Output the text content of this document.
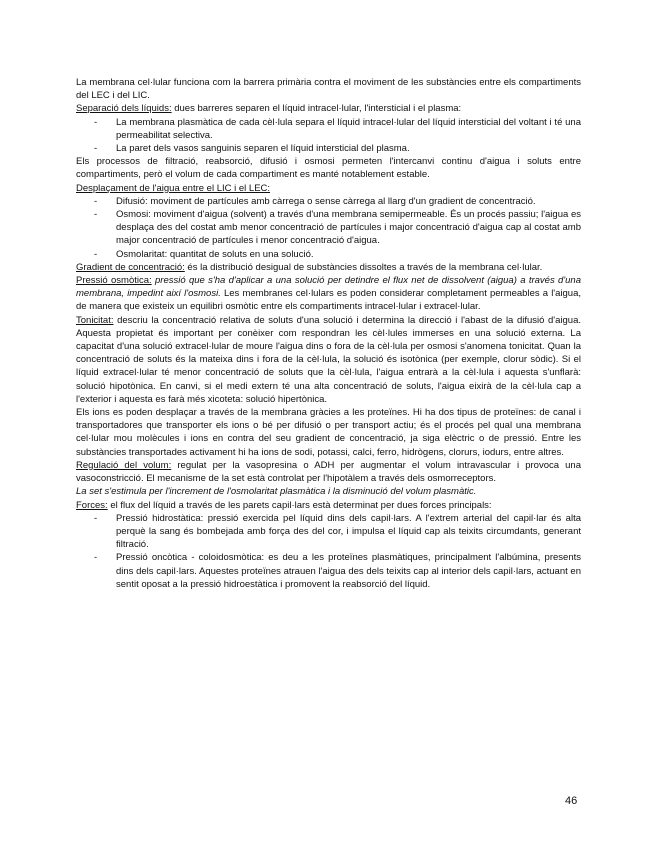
La membrana cel·lular funciona com la barrera primària contra el moviment de les substàncies entre els compartiments del LEC i del LIC.

Separació dels líquids: dues barreres separen el líquid intracel·lular, l'intersticial i el plasma:

- La membrana plasmàtica de cada cèl·lula separa el líquid intracel·lular del líquid intersticial del voltant i té una permeabilitat selectiva.
- La paret dels vasos sanguinis separen el líquid intersticial del plasma.

Els processos de filtració, reabsorció, difusió i osmosi permeten l'intercanvi continu d'aigua i soluts entre compartiments, però el volum de cada compartiment es manté notablement estable.

Desplaçament de l'aigua entre el LIC i el LEC:

- Difusió: moviment de partícules amb càrrega o sense càrrega al llarg d'un gradient de concentració.
- Osmosi: moviment d'aigua (solvent) a través d'una membrana semipermeable. És un procés passiu; l'aigua es desplaça des del costat amb menor concentració de partícules i major concentració d'aigua cap al costat amb major concentració de partícules i menor concentració d'aigua.
- Osmolaritat: quantitat de soluts en una solució.

Gradient de concentració: és la distribució desigual de substàncies dissoltes a través de la membrana cel·lular.

Pressió osmòtica: pressió que s'ha d'aplicar a una solució per detindre el flux net de dissolvent (aigua) a través d'una membrana, impedint així l'osmosi. Les membranes cel·lulars es poden considerar completament permeables a l'aigua, de manera que existeix un equilibri osmòtic entre els compartiments intracel·lular i extracel·lular.

Tonicitat: descriu la concentració relativa de soluts d'una solució i determina la direcció i l'abast de la difusió d'aigua. Aquesta propietat és important per conèixer com respondran les cèl·lules immerses en una solució externa. La capacitat d'una solució extracel·lular de moure l'aigua dins o fora de la cèl·lula per osmosi s'anomena tonicitat. Quan la concentració de soluts és la mateixa dins i fora de la cèl·lula, la solució és isotònica (per exemple, clorur sòdic). Si el líquid extracel·lular té menor concentració de soluts que la cèl·lula, l'aigua entrarà a la cèl·lula i aquesta s'unflarà: solució hipotònica. En canvi, si el medi extern té una alta concentració de soluts, l'aigua eixirà de la cèl·lula cap a l'exterior i aquesta es farà més xicoteta: solució hipertònica.

Els ions es poden desplaçar a través de la membrana gràcies a les proteïnes. Hi ha dos tipus de proteïnes: de canal i transportadores que transporter els ions o bé per difusió o per transport actiu; és el procés pel qual una membrana cel·lular mou molècules i ions en contra del seu gradient de concentració, ja siga elèctric o de pressió. Entre les substàncies transportades activament hi ha ions de sodi, potassi, calci, ferro, hidrògens, clorurs, iodurs, entre altres.

Regulació del volum: regulat per la vasopresina o ADH per augmentar el volum intravascular i provoca una vasoconstricció. El mecanisme de la set està controlat per l'hipotàlem a través dels osmorreceptors.

La set s'estimula per l'increment de l'osmolaritat plasmàtica i la disminució del volum plasmàtic.

Forces: el flux del líquid a través de les parets capil·lars està determinat per dues forces principals:

- Pressió hidrostàtica: pressió exercida pel líquid dins dels capil·lars. A l'extrem arterial del capil·lar és alta perquè la sang és bombejada amb força des del cor, i impulsa el líquid cap als teixits circumdants, generant filtració.
- Pressió oncòtica - coloidosmòtica: es deu a les proteïnes plasmàtiques, principalment l'albúmina, presents dins dels capil·lars. Aquestes proteïnes atrauen l'aigua des dels teixits cap al interior dels capil·lars, actuant en sentit oposat a la pressió hidroestàtica i promovent la reabsorció del líquid.
46
